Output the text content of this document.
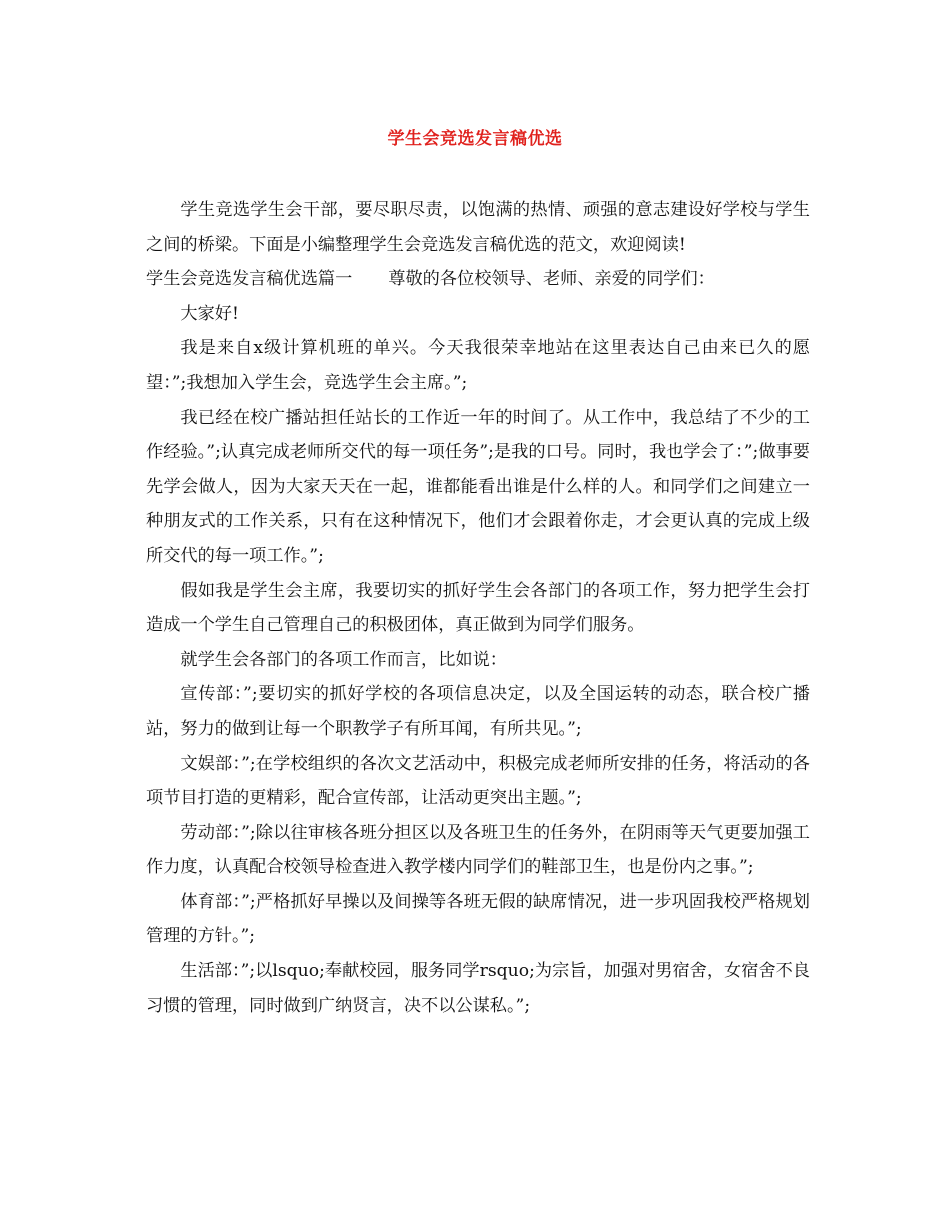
学生会竞选发言稿优选

学生竞选学生会干部，要尽职尽责，以饱满的热情、顽强的意志建设好学校与学生之间的桥梁。下面是小编整理学生会竞选发言稿优选的范文，欢迎阅读!

学生会竞选发言稿优选篇一 尊敬的各位校领导、老师、亲爱的同学们：

大家好!

我是来自x级计算机班的单兴。今天我很荣幸地站在这里表达自己由来已久的愿望：”;我想加入学生会，竞选学生会主席。”;

我已经在校广播站担任站长的工作近一年的时间了。从工作中，我总结了不少的工作经验。”;认真完成老师所交代的每一项任务”;是我的口号。同时，我也学会了：”;做事要先学会做人，因为大家天天在一起，谁都能看出谁是什么样的人。和同学们之间建立一种朋友式的工作关系，只有在这种情况下，他们才会跟着你走，才会更认真的完成上级所交代的每一项工作。”;

假如我是学生会主席，我要切实的抓好学生会各部门的各项工作，努力把学生会打造成一个学生自己管理自己的积极团体，真正做到为同学们服务。

就学生会各部门的各项工作而言，比如说：

宣传部：”;要切实的抓好学校的各项信息决定，以及全国运转的动态，联合校广播站，努力的做到让每一个职教学子有所耳闻，有所共见。”;

文娱部：”;在学校组织的各次文艺活动中，积极完成老师所安排的任务，将活动的各项节目打造的更精彩，配合宣传部，让活动更突出主题。”;

劳动部：”;除以往审核各班分担区以及各班卫生的任务外，在阴雨等天气更要加强工作力度，认真配合校领导检查进入教学楼内同学们的鞋部卫生，也是份内之事。”;

体育部：”;严格抓好早操以及间操等各班无假的缺席情况，进一步巩固我校严格规划管理的方针。”;

生活部：”;以lsquo;奉献校园，服务同学rsquo;为宗旨，加强对男宿舍，女宿舍不良习惯的管理，同时做到广纳贤言，决不以公谋私。”;
